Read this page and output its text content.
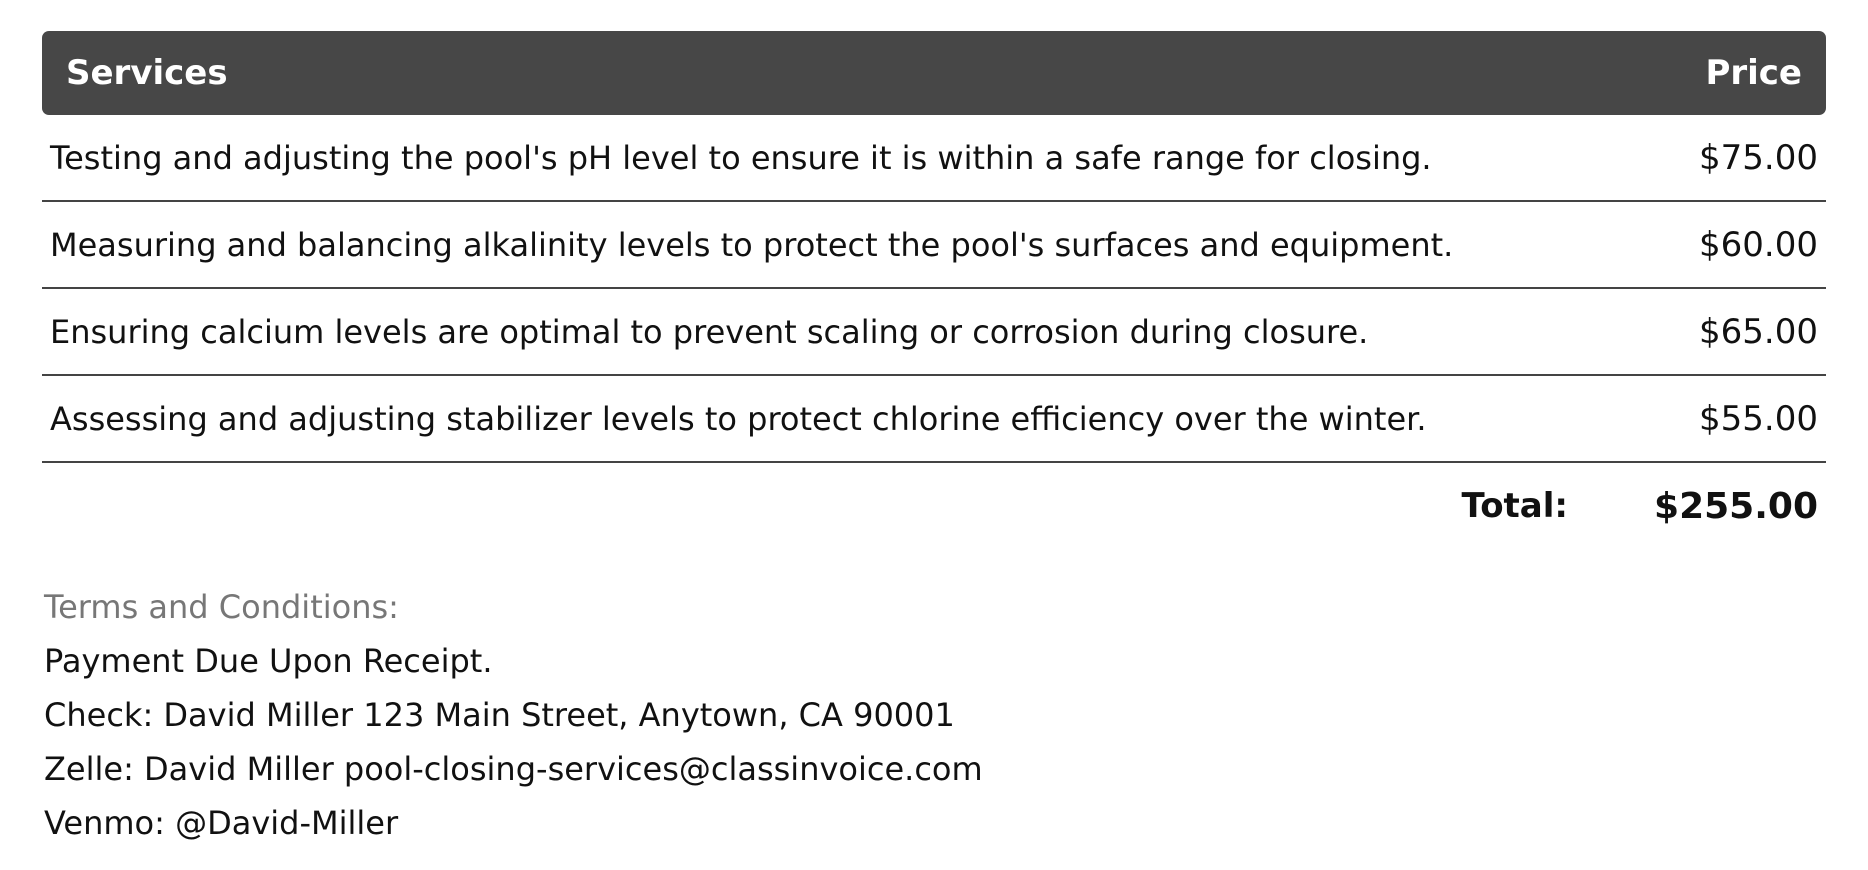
Services	Price
Testing and adjusting the pool's pH level to ensure it is within a safe range for closing.	$75.00
Measuring and balancing alkalinity levels to protect the pool's surfaces and equipment.	$60.00
Ensuring calcium levels are optimal to prevent scaling or corrosion during closure.	$65.00
Assessing and adjusting stabilizer levels to protect chlorine efficiency over the winter.	$55.00
Total:	$255.00
Terms and Conditions:
Payment Due Upon Receipt.
Check: David Miller 123 Main Street, Anytown, CA 90001
Zelle: David Miller pool-closing-services@classinvoice.com
Venmo: @David-Miller
